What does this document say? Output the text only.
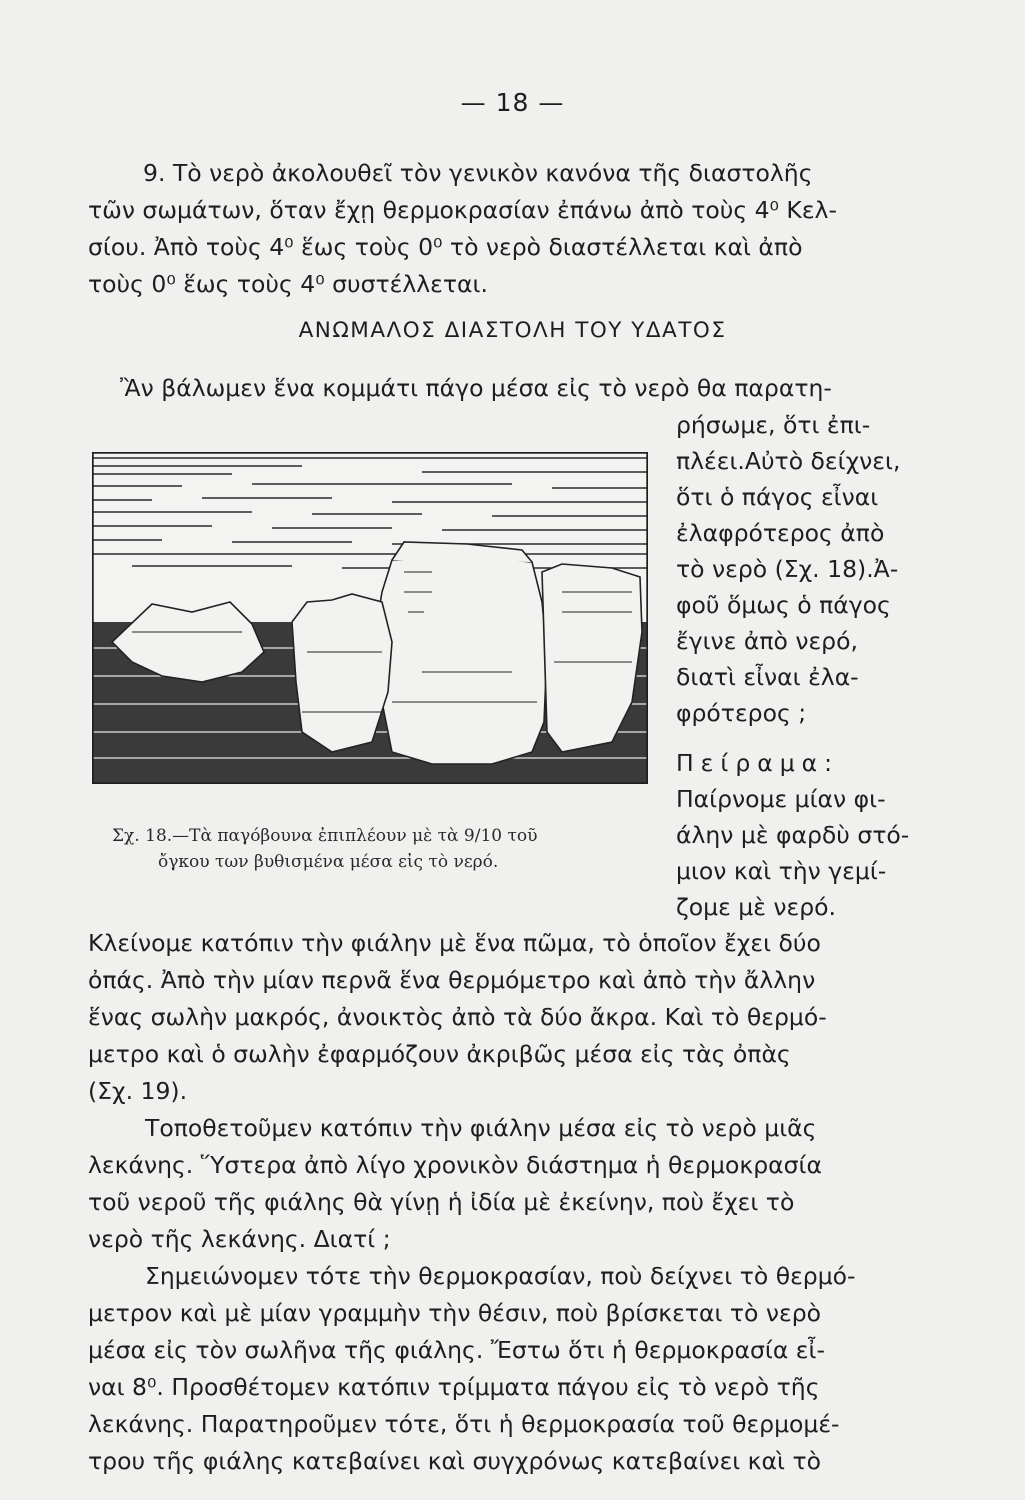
— 18 —
9. Τὸ νερὸ ἀκολουθεῖ τὸν γενικὸν κανόνα τῆς διαστολῆς
τῶν σωμάτων, ὅταν ἔχῃ θερμοκρασίαν ἐπάνω ἀπὸ τοὺς 4⁰ Κελ-
σίου. Ἀπὸ τοὺς 4⁰ ἕως τοὺς 0⁰ τὸ νερὸ διαστέλλεται καὶ ἀπὸ
τοὺς 0⁰ ἕως τοὺς 4⁰ συστέλλεται.
ΑΝΩΜΑΛΟΣ ΔΙΑΣΤΟΛΗ ΤΟΥ ΥΔΑΤΟΣ
Ἂν βάλωμεν ἕνα κομμάτι πάγο μέσα εἰς τὸ νερὸ θα παρατη-
ρήσωμε, ὅτι ἐπι-
πλέει.Αὐτὸ δείχνει,
ὅτι ὁ πάγος εἶναι
ἐλαφρότερος ἀπὸ
τὸ νερὸ (Σχ. 18).Ἀ-
φοῦ ὅμως ὁ πάγος
ἔγινε ἀπὸ νερό,
διατὶ εἶναι ἐλα-
φρότερος ;
Πείραμα:
Παίρνομε μίαν φι-
άλην μὲ φαρδὺ στό-
μιον καὶ τὴν γεμί-
ζομε μὲ νερό.
Σχ. 18.—Τὰ παγόβουνα ἐπιπλέουν μὲ τὰ 9/10 τοῦ
ὄγκου των βυθισμένα μέσα εἰς τὸ νερό.
Κλείνομε κατόπιν τὴν φιάλην μὲ ἕνα πῶμα, τὸ ὁποῖον ἔχει δύο
ὀπάς. Ἀπὸ τὴν μίαν περνᾶ ἕνα θερμόμετρο καὶ ἀπὸ τὴν ἄλλην
ἕνας σωλὴν μακρός, ἀνοικτὸς ἀπὸ τὰ δύο ἄκρα. Καὶ τὸ θερμό-
μετρο καὶ ὁ σωλὴν ἐφαρμόζουν ἀκριβῶς μέσα εἰς τὰς ὀπὰς
(Σχ. 19).
Τοποθετοῦμεν κατόπιν τὴν φιάλην μέσα εἰς τὸ νερὸ μιᾶς
λεκάνης. Ὕστερα ἀπὸ λίγο χρονικὸν διάστημα ἡ θερμοκρασία
τοῦ νεροῦ τῆς φιάλης θὰ γίνῃ ἡ ἰδία μὲ ἐκείνην, ποὺ ἔχει τὸ
νερὸ τῆς λεκάνης. Διατί ;
Σημειώνομεν τότε τὴν θερμοκρασίαν, ποὺ δείχνει τὸ θερμό-
μετρον καὶ μὲ μίαν γραμμὴν τὴν θέσιν, ποὺ βρίσκεται τὸ νερὸ
μέσα εἰς τὸν σωλῆνα τῆς φιάλης. Ἔστω ὅτι ἡ θερμοκρασία εἶ-
ναι 8⁰. Προσθέτομεν κατόπιν τρίμματα πάγου εἰς τὸ νερὸ τῆς
λεκάνης. Παρατηροῦμεν τότε, ὅτι ἡ θερμοκρασία τοῦ θερμομέ-
τρου τῆς φιάλης κατεβαίνει καὶ συγχρόνως κατεβαίνει καὶ τὸ
